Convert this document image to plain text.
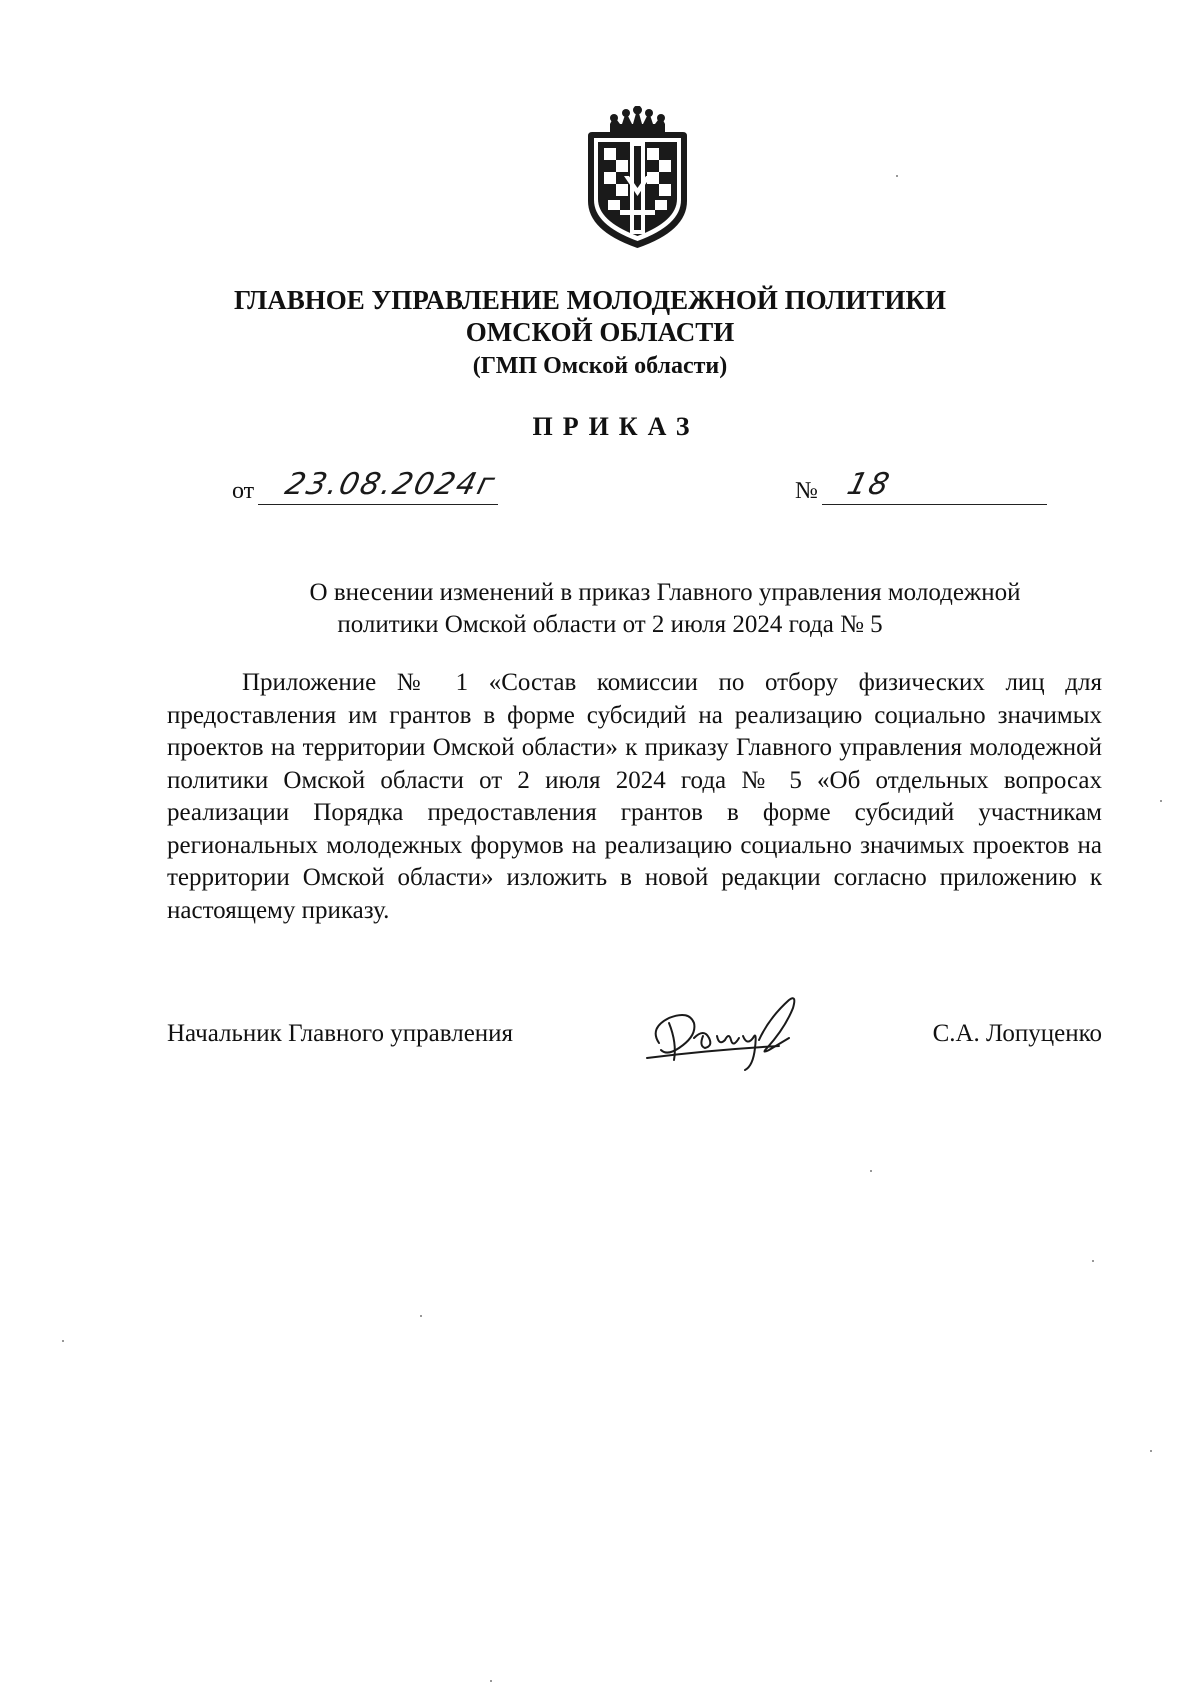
ГЛАВНОЕ УПРАВЛЕНИЕ МОЛОДЕЖНОЙ ПОЛИТИКИ
ОМСКОЙ ОБЛАСТИ
(ГМП Омской области)
ПРИКАЗ
от 23.08.2024г	№ 18
О внесении изменений в приказ Главного управления молодежной
политики Омской области от 2 июля 2024 года № 5

Приложение № 1 «Состав комиссии по отбору физических лиц для предоставления им грантов в форме субсидий на реализацию социально значимых проектов на территории Омской области» к приказу Главного управления молодежной политики Омской области от 2 июля 2024 года № 5 «Об отдельных вопросах реализации Порядка предоставления грантов в форме субсидий участникам региональных молодежных форумов на реализацию социально значимых проектов на территории Омской области» изложить в новой редакции согласно приложению к настоящему приказу.

Начальник Главного управления	С.А. Лопуценко
